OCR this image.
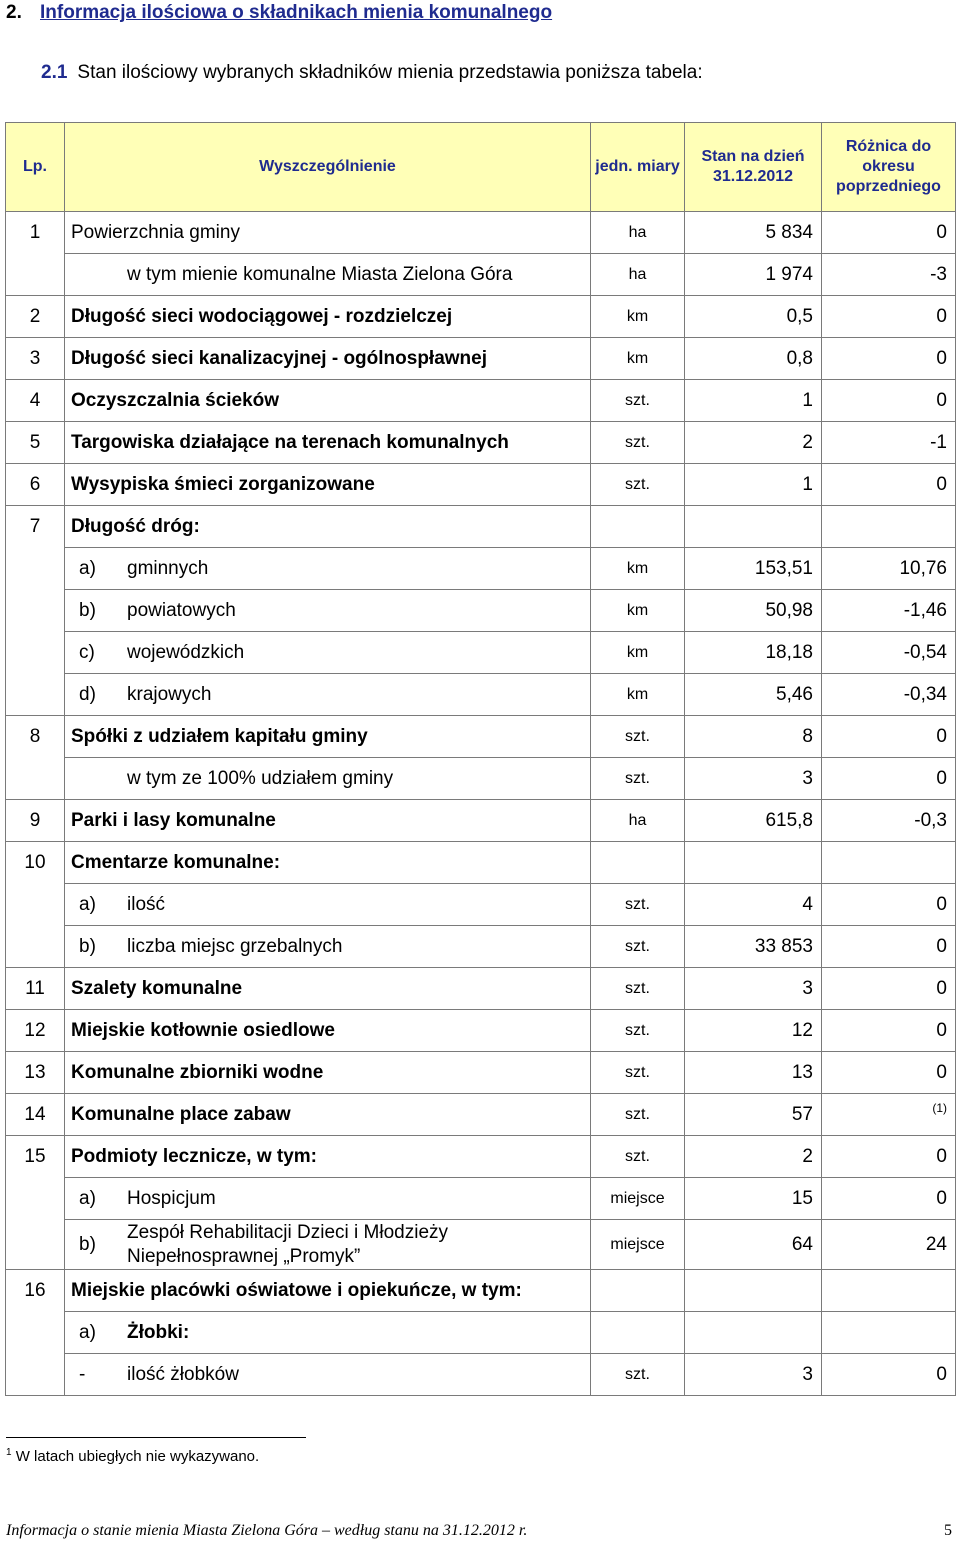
2. Informacja ilościowa o składnikach mienia komunalnego
2.1 Stan ilościowy wybranych składników mienia przedstawia poniższa tabela:
Lp.	Wyszczególnienie	jedn. miary	Stan na dzień 31.12.2012	Różnica do okresu poprzedniego
1	Powierzchnia gminy	ha	5 834	0
	w tym mienie komunalne Miasta Zielona Góra	ha	1 974	-3
2	Długość sieci wodociągowej - rozdzielczej	km	0,5	0
3	Długość sieci kanalizacyjnej - ogólnospławnej	km	0,8	0
4	Oczyszczalnia ścieków	szt.	1	0
5	Targowiska działające na terenach komunalnych	szt.	2	-1
6	Wysypiska śmieci zorganizowane	szt.	1	0
7	Długość dróg:			
	a) gminnych	km	153,51	10,76
	b) powiatowych	km	50,98	-1,46
	c) wojewódzkich	km	18,18	-0,54
	d) krajowych	km	5,46	-0,34
8	Spółki z udziałem kapitału gminy	szt.	8	0
	w tym ze 100% udziałem gminy	szt.	3	0
9	Parki i lasy komunalne	ha	615,8	-0,3
10	Cmentarze komunalne:			
	a) ilość	szt.	4	0
	b) liczba miejsc grzebalnych	szt.	33 853	0
11	Szalety komunalne	szt.	3	0
12	Miejskie kotłownie osiedlowe	szt.	12	0
13	Komunalne zbiorniki wodne	szt.	13	0
14	Komunalne place zabaw	szt.	57	$^{(1)}$
15	Podmioty lecznicze, w tym:	szt.	2	0
	a) Hospicjum	miejsce	15	0
	b)Zespół Rehabilitacji Dzieci i Młodzieży Niepełnosprawnej „Promyk”	miejsce	64	24
16	Miejskie placówki oświatowe i opiekuńcze, w tym:			
	a) Żłobki:			
	- ilość żłobków	szt.	3	0
$^1$ W latach ubiegłych nie wykazywano.
Informacja o stanie mienia Miasta Zielona Góra – według stanu na 31.12.2012 r.	5
